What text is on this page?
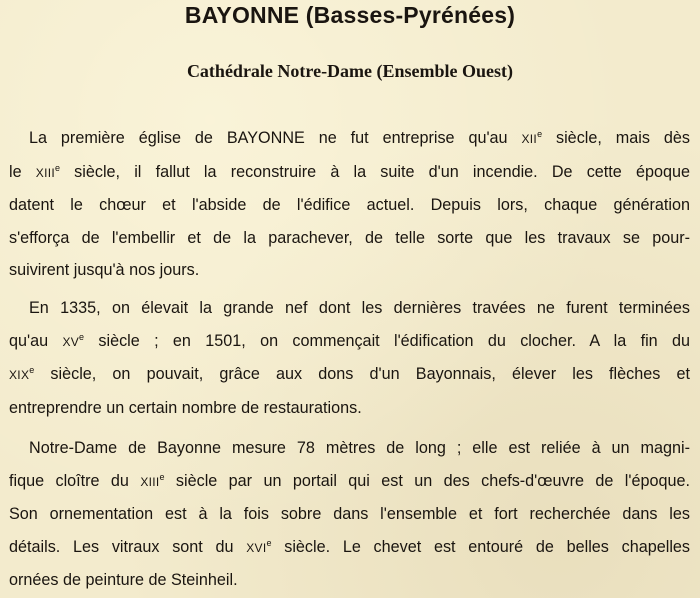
BAYONNE (Basses-Pyrénées)
Cathédrale Notre-Dame (Ensemble Ouest)
La première église de BAYONNE ne fut entreprise qu'au XIIe siècle, mais dès
le XIIIe siècle, il fallut la reconstruire à la suite d'un incendie. De cette époque
datent le chœur et l'abside de l'édifice actuel. Depuis lors, chaque génération
s'efforça de l'embellir et de la parachever, de telle sorte que les travaux se pour-
suivirent jusqu'à nos jours.
En 1335, on élevait la grande nef dont les dernières travées ne furent terminées
qu'au XVe siècle ; en 1501, on commençait l'édification du clocher. A la fin du
XIXe siècle, on pouvait, grâce aux dons d'un Bayonnais, élever les flèches et
entreprendre un certain nombre de restaurations.
Notre-Dame de Bayonne mesure 78 mètres de long ; elle est reliée à un magni-
fique cloître du XIIIe siècle par un portail qui est un des chefs-d'œuvre de l'époque.
Son ornementation est à la fois sobre dans l'ensemble et fort recherchée dans les
détails. Les vitraux sont du XVIe siècle. Le chevet est entouré de belles chapelles
ornées de peinture de Steinheil.
